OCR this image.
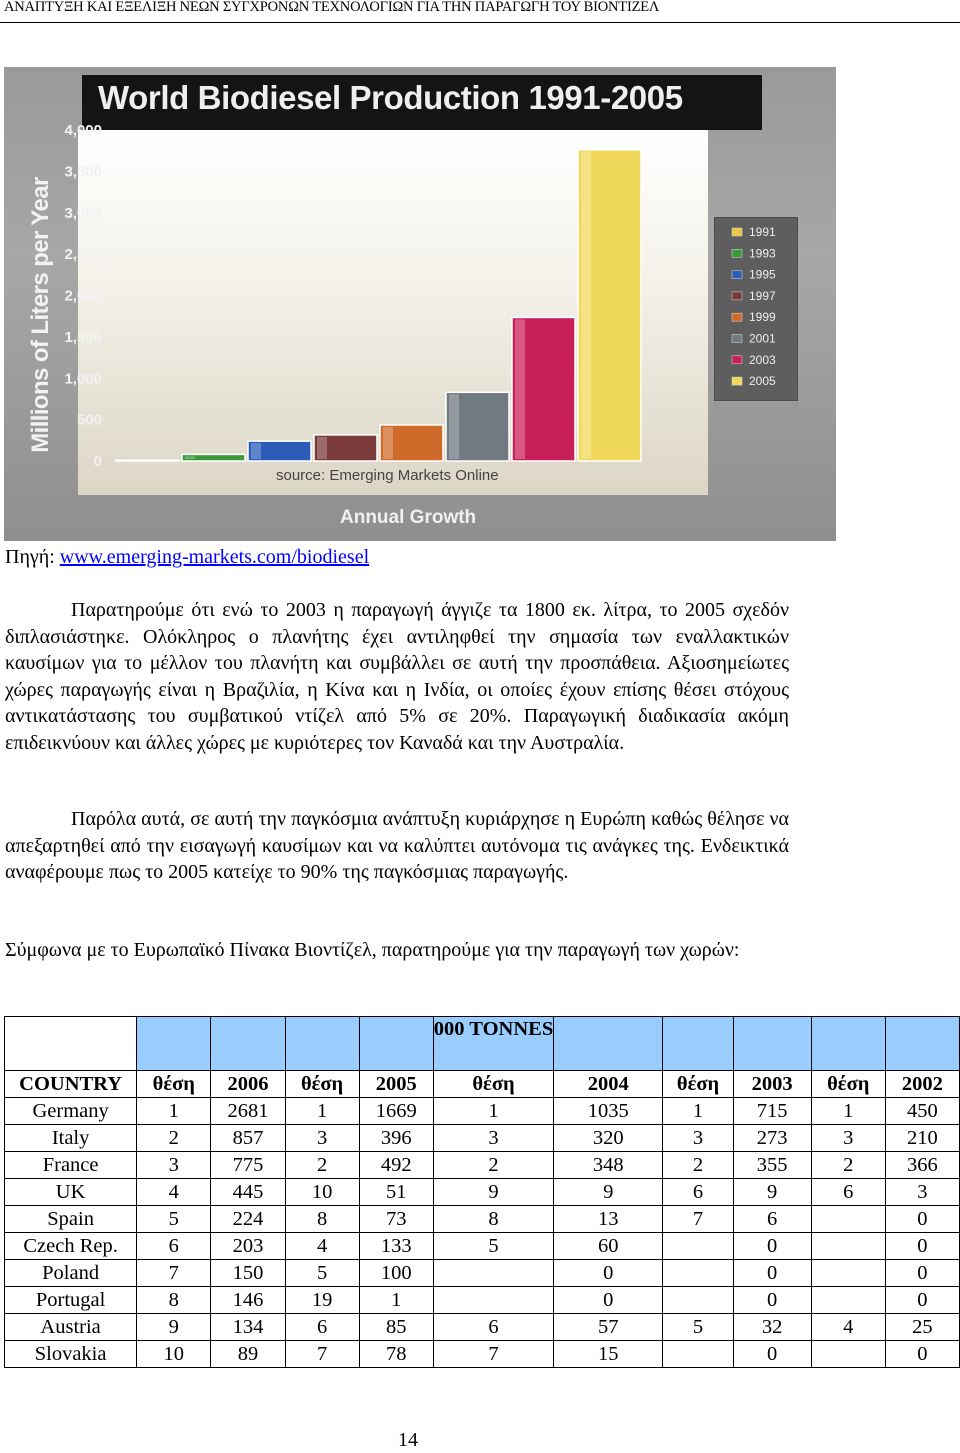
ΑΝΑΠΤΥΞΗ ΚΑΙ ΕΞΕΛΙΞΗ ΝΕΩΝ ΣΥΓΧΡΟΝΩΝ ΤΕΧΝΟΛΟΓΙΩΝ ΓΙΑ ΤΗΝ ΠΑΡΑΓΩΓΗ ΤΟΥ ΒΙΟΝΤΙΖΕΛ
World Biodiesel Production 1991-2005
Millions of Liters per Year
Annual Growth
0
500
1,000
1,500
2,000
2,500
3,000
3,500
4,000
source: Emerging Markets Online
1991
1993
1995
1997
1999
2001
2003
2005
Πηγή: www.emerging-markets.com/biodiesel
Παρατηρούμε ότι ενώ το 2003 η παραγωγή άγγιζε τα 1800 εκ. λίτρα, το 2005 σχεδόν διπλασιάστηκε. Ολόκληρος ο πλανήτης έχει αντιληφθεί την σημασία των εναλλακτικών καυσίμων για το μέλλον του πλανήτη και συμβάλλει σε αυτή την προσπάθεια. Αξιοσημείωτες χώρες παραγωγής είναι η Βραζιλία, η Κίνα και η Ινδία, οι οποίες έχουν επίσης θέσει στόχους αντικατάστασης του συμβατικού ντίζελ από 5% σε 20%. Παραγωγική διαδικασία ακόμη επιδεικνύουν και άλλες χώρες με κυριότερες τον Καναδά και την Αυστραλία.
Παρόλα αυτά, σε αυτή την παγκόσμια ανάπτυξη κυριάρχησε η Ευρώπη καθώς θέλησε να απεξαρτηθεί από την εισαγωγή καυσίμων και να καλύπτει αυτόνομα τις ανάγκες της. Ενδεικτικά αναφέρουμε πως το 2005 κατείχε το 90% της παγκόσμιας παραγωγής.
Σύμφωνα με το Ευρωπαϊκό Πίνακα Βιοντίζελ, παρατηρούμε για την παραγωγή των χωρών:
					000 TONNES					
COUNTRY	θέση	2006	θέση	2005	θέση	2004	θέση	2003	θέση	2002
Germany	1	2681	1	1669	1	1035	1	715	1	450
Italy	2	857	3	396	3	320	3	273	3	210
France	3	775	2	492	2	348	2	355	2	366
UK	4	445	10	51	9	9	6	9	6	3
Spain	5	224	8	73	8	13	7	6		0
Czech Rep.	6	203	4	133	5	60		0		0
Poland	7	150	5	100		0		0		0
Portugal	8	146	19	1		0		0		0
Austria	9	134	6	85	6	57	5	32	4	25
Slovakia	10	89	7	78	7	15		0		0
14
